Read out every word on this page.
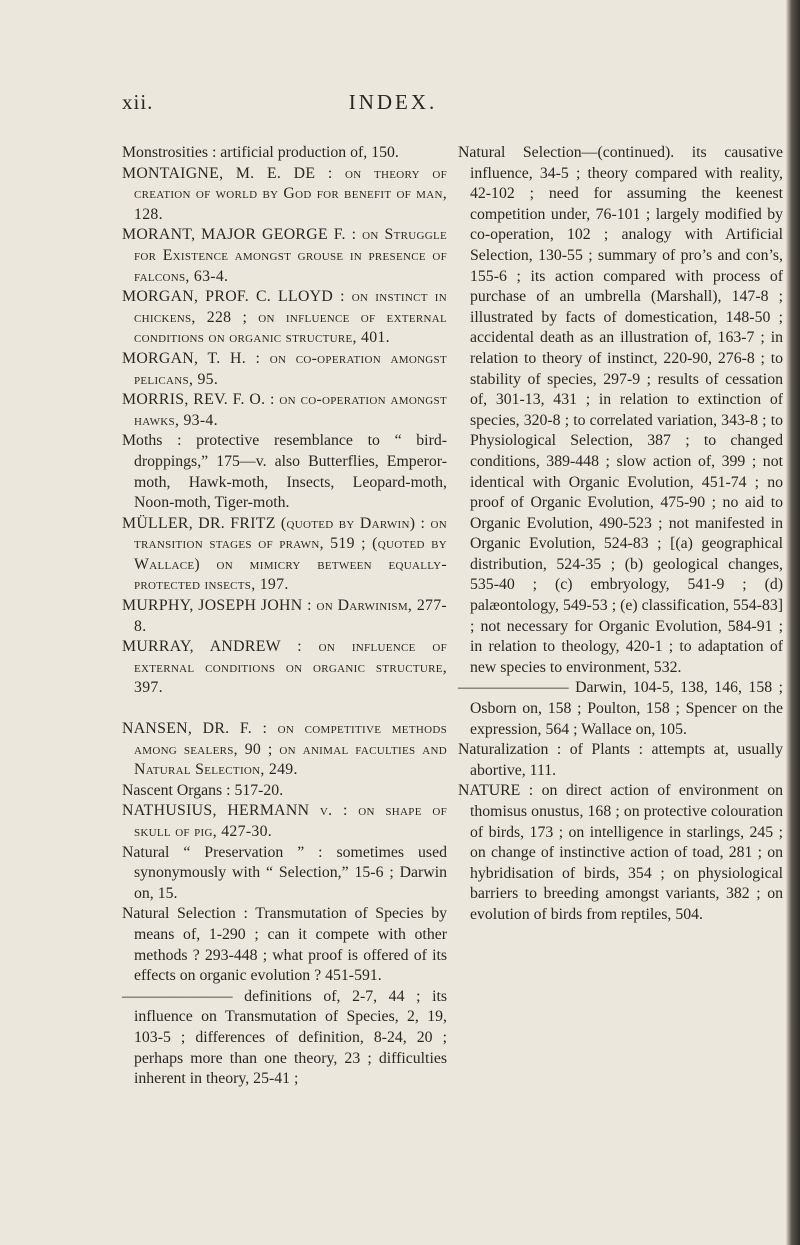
INDEX.
xii.

Monstrosities : artificial production of, 150.

MONTAIGNE, M. E. DE : on theory of creation of world by God for benefit of man, 128.

MORANT, MAJOR GEORGE F. : on Struggle for Existence amongst grouse in presence of falcons, 63-4.

MORGAN, PROF. C. LLOYD : on instinct in chickens, 228 ; on influence of external conditions on organic structure, 401.

MORGAN, T. H. : on co-operation amongst pelicans, 95.

MORRIS, REV. F. O. : on co-operation amongst hawks, 93-4.

Moths : protective resemblance to “ bird-droppings,” 175—v. also Butterflies, Emperor-moth, Hawk-moth, Insects, Leopard-moth, Noon-moth, Tiger-moth.

MÜLLER, DR. FRITZ (quoted by Darwin) : on transition stages of prawn, 519 ; (quoted by Wallace) on mimicry between equally-protected insects, 197.

MURPHY, JOSEPH JOHN : on Darwinism, 277-8.

MURRAY, ANDREW : on influence of external conditions on organic structure, 397.

NANSEN, DR. F. : on competitive methods among sealers, 90 ; on animal faculties and Natural Selection, 249.

Nascent Organs : 517-20.

NATHUSIUS, HERMANN v. : on shape of skull of pig, 427-30.

Natural “ Preservation ” : sometimes used synonymously with “ Selection,” 15-6 ; Darwin on, 15.

Natural Selection : Transmutation of Species by means of, 1-290 ; can it compete with other methods ? 293-448 ; what proof is offered of its effects on organic evolution ? 451-591.

——————— definitions of, 2-7, 44 ; its influence on Transmutation of Species, 2, 19, 103-5 ; differences of definition, 8-24, 20 ; perhaps more than one theory, 23 ; difficulties inherent in theory, 25-41 ;

Natural Selection—(continued). its causative influence, 34-5 ; theory compared with reality, 42-102 ; need for assuming the keenest competition under, 76-101 ; largely modified by co-operation, 102 ; analogy with Artificial Selection, 130-55 ; summary of pro’s and con’s, 155-6 ; its action compared with process of purchase of an umbrella (Marshall), 147-8 ; illustrated by facts of domestication, 148-50 ; accidental death as an illustration of, 163-7 ; in relation to theory of instinct, 220-90, 276-8 ; to stability of species, 297-9 ; results of cessation of, 301-13, 431 ; in relation to extinction of species, 320-8 ; to correlated variation, 343-8 ; to Physiological Selection, 387 ; to changed conditions, 389-448 ; slow action of, 399 ; not identical with Organic Evolution, 451-74 ; no proof of Organic Evolution, 475-90 ; no aid to Organic Evolution, 490-523 ; not manifested in Organic Evolution, 524-83 ; [(a) geographical distribution, 524-35 ; (b) geological changes, 535-40 ; (c) embryology, 541-9 ; (d) palæontology, 549-53 ; (e) classification, 554-83] ; not necessary for Organic Evolution, 584-91 ; in relation to theology, 420-1 ; to adaptation of new species to environment, 532.

——————— Darwin, 104-5, 138, 146, 158 ; Osborn on, 158 ; Poulton, 158 ; Spencer on the expression, 564 ; Wallace on, 105.

Naturalization : of Plants : attempts at, usually abortive, 111.

NATURE : on direct action of environment on thomisus onustus, 168 ; on protective colouration of birds, 173 ; on intelligence in starlings, 245 ; on change of instinctive action of toad, 281 ; on hybridisation of birds, 354 ; on physiological barriers to breeding amongst variants, 382 ; on evolution of birds from reptiles, 504.
